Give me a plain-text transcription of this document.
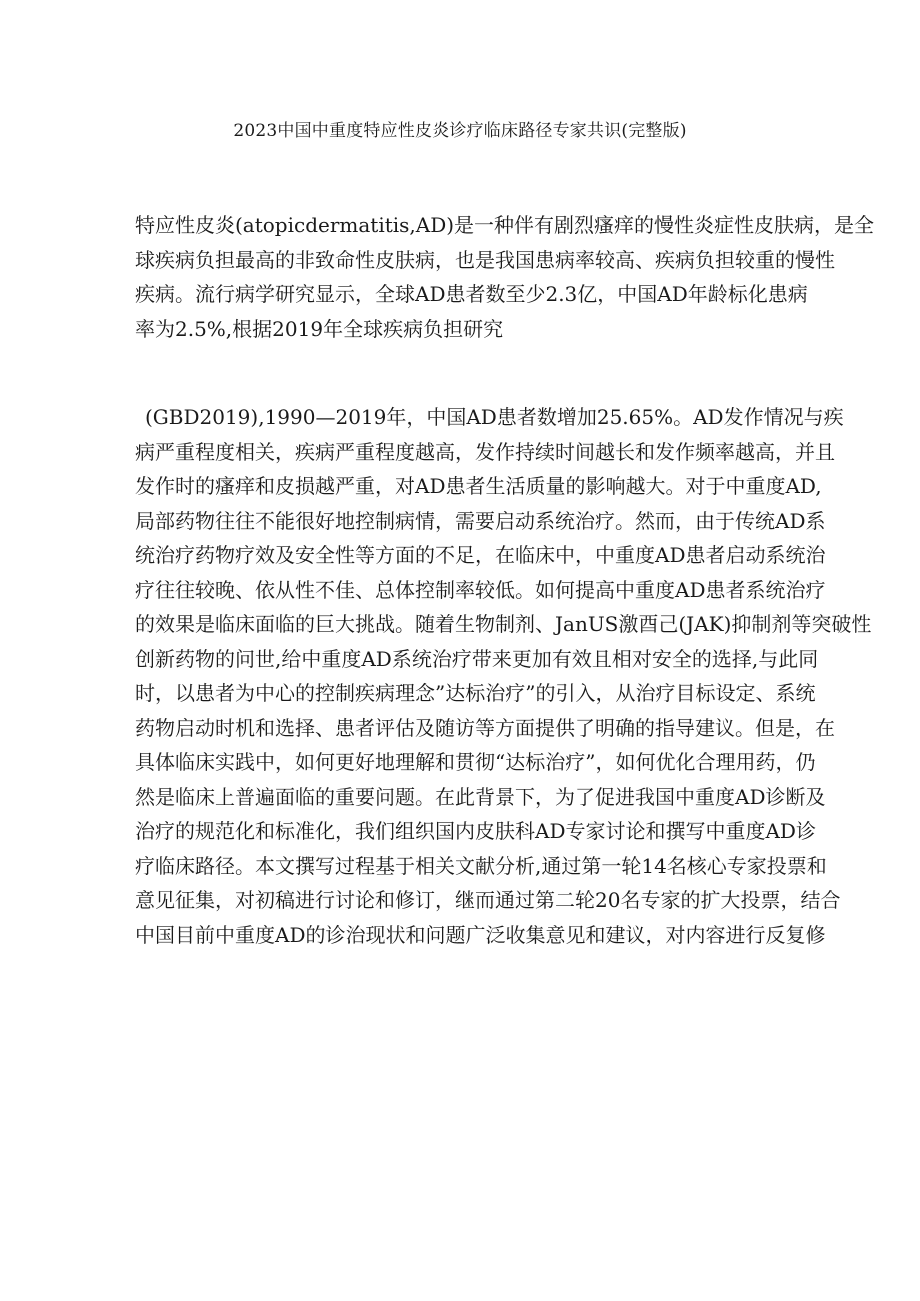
2023中国中重度特应性皮炎诊疗临床路径专家共识(完整版)
特应性皮炎(atopicdermatitis,AD)是一种伴有剧烈瘙痒的慢性炎症性皮肤病，是全
球疾病负担最高的非致命性皮肤病，也是我国患病率较高、疾病负担较重的慢性
疾病。流行病学研究显示，全球AD患者数至少2.3亿，中国AD年龄标化患病
率为2.5%,根据2019年全球疾病负担研究
(GBD2019),1990—2019年，中国AD患者数增加25.65%。AD发作情况与疾
病严重程度相关，疾病严重程度越高，发作持续时间越长和发作频率越高，并且
发作时的瘙痒和皮损越严重，对AD患者生活质量的影响越大。对于中重度AD,
局部药物往往不能很好地控制病情，需要启动系统治疗。然而，由于传统AD系
统治疗药物疗效及安全性等方面的不足，在临床中，中重度AD患者启动系统治
疗往往较晚、依从性不佳、总体控制率较低。如何提高中重度AD患者系统治疗
的效果是临床面临的巨大挑战。随着生物制剂、JanUS激酉己(JAK)抑制剂等突破性
创新药物的问世,给中重度AD系统治疗带来更加有效且相对安全的选择,与此同
时，以患者为中心的控制疾病理念”达标治疗”的引入，从治疗目标设定、系统
药物启动时机和选择、患者评估及随访等方面提供了明确的指导建议。但是，在
具体临床实践中，如何更好地理解和贯彻“达标治疗”，如何优化合理用药，仍
然是临床上普遍面临的重要问题。在此背景下，为了促进我国中重度AD诊断及
治疗的规范化和标准化，我们组织国内皮肤科AD专家讨论和撰写中重度AD诊
疗临床路径。本文撰写过程基于相关文献分析,通过第一轮14名核心专家投票和
意见征集，对初稿进行讨论和修订，继而通过第二轮20名专家的扩大投票，结合
中国目前中重度AD的诊治现状和问题广泛收集意见和建议，对内容进行反复修
